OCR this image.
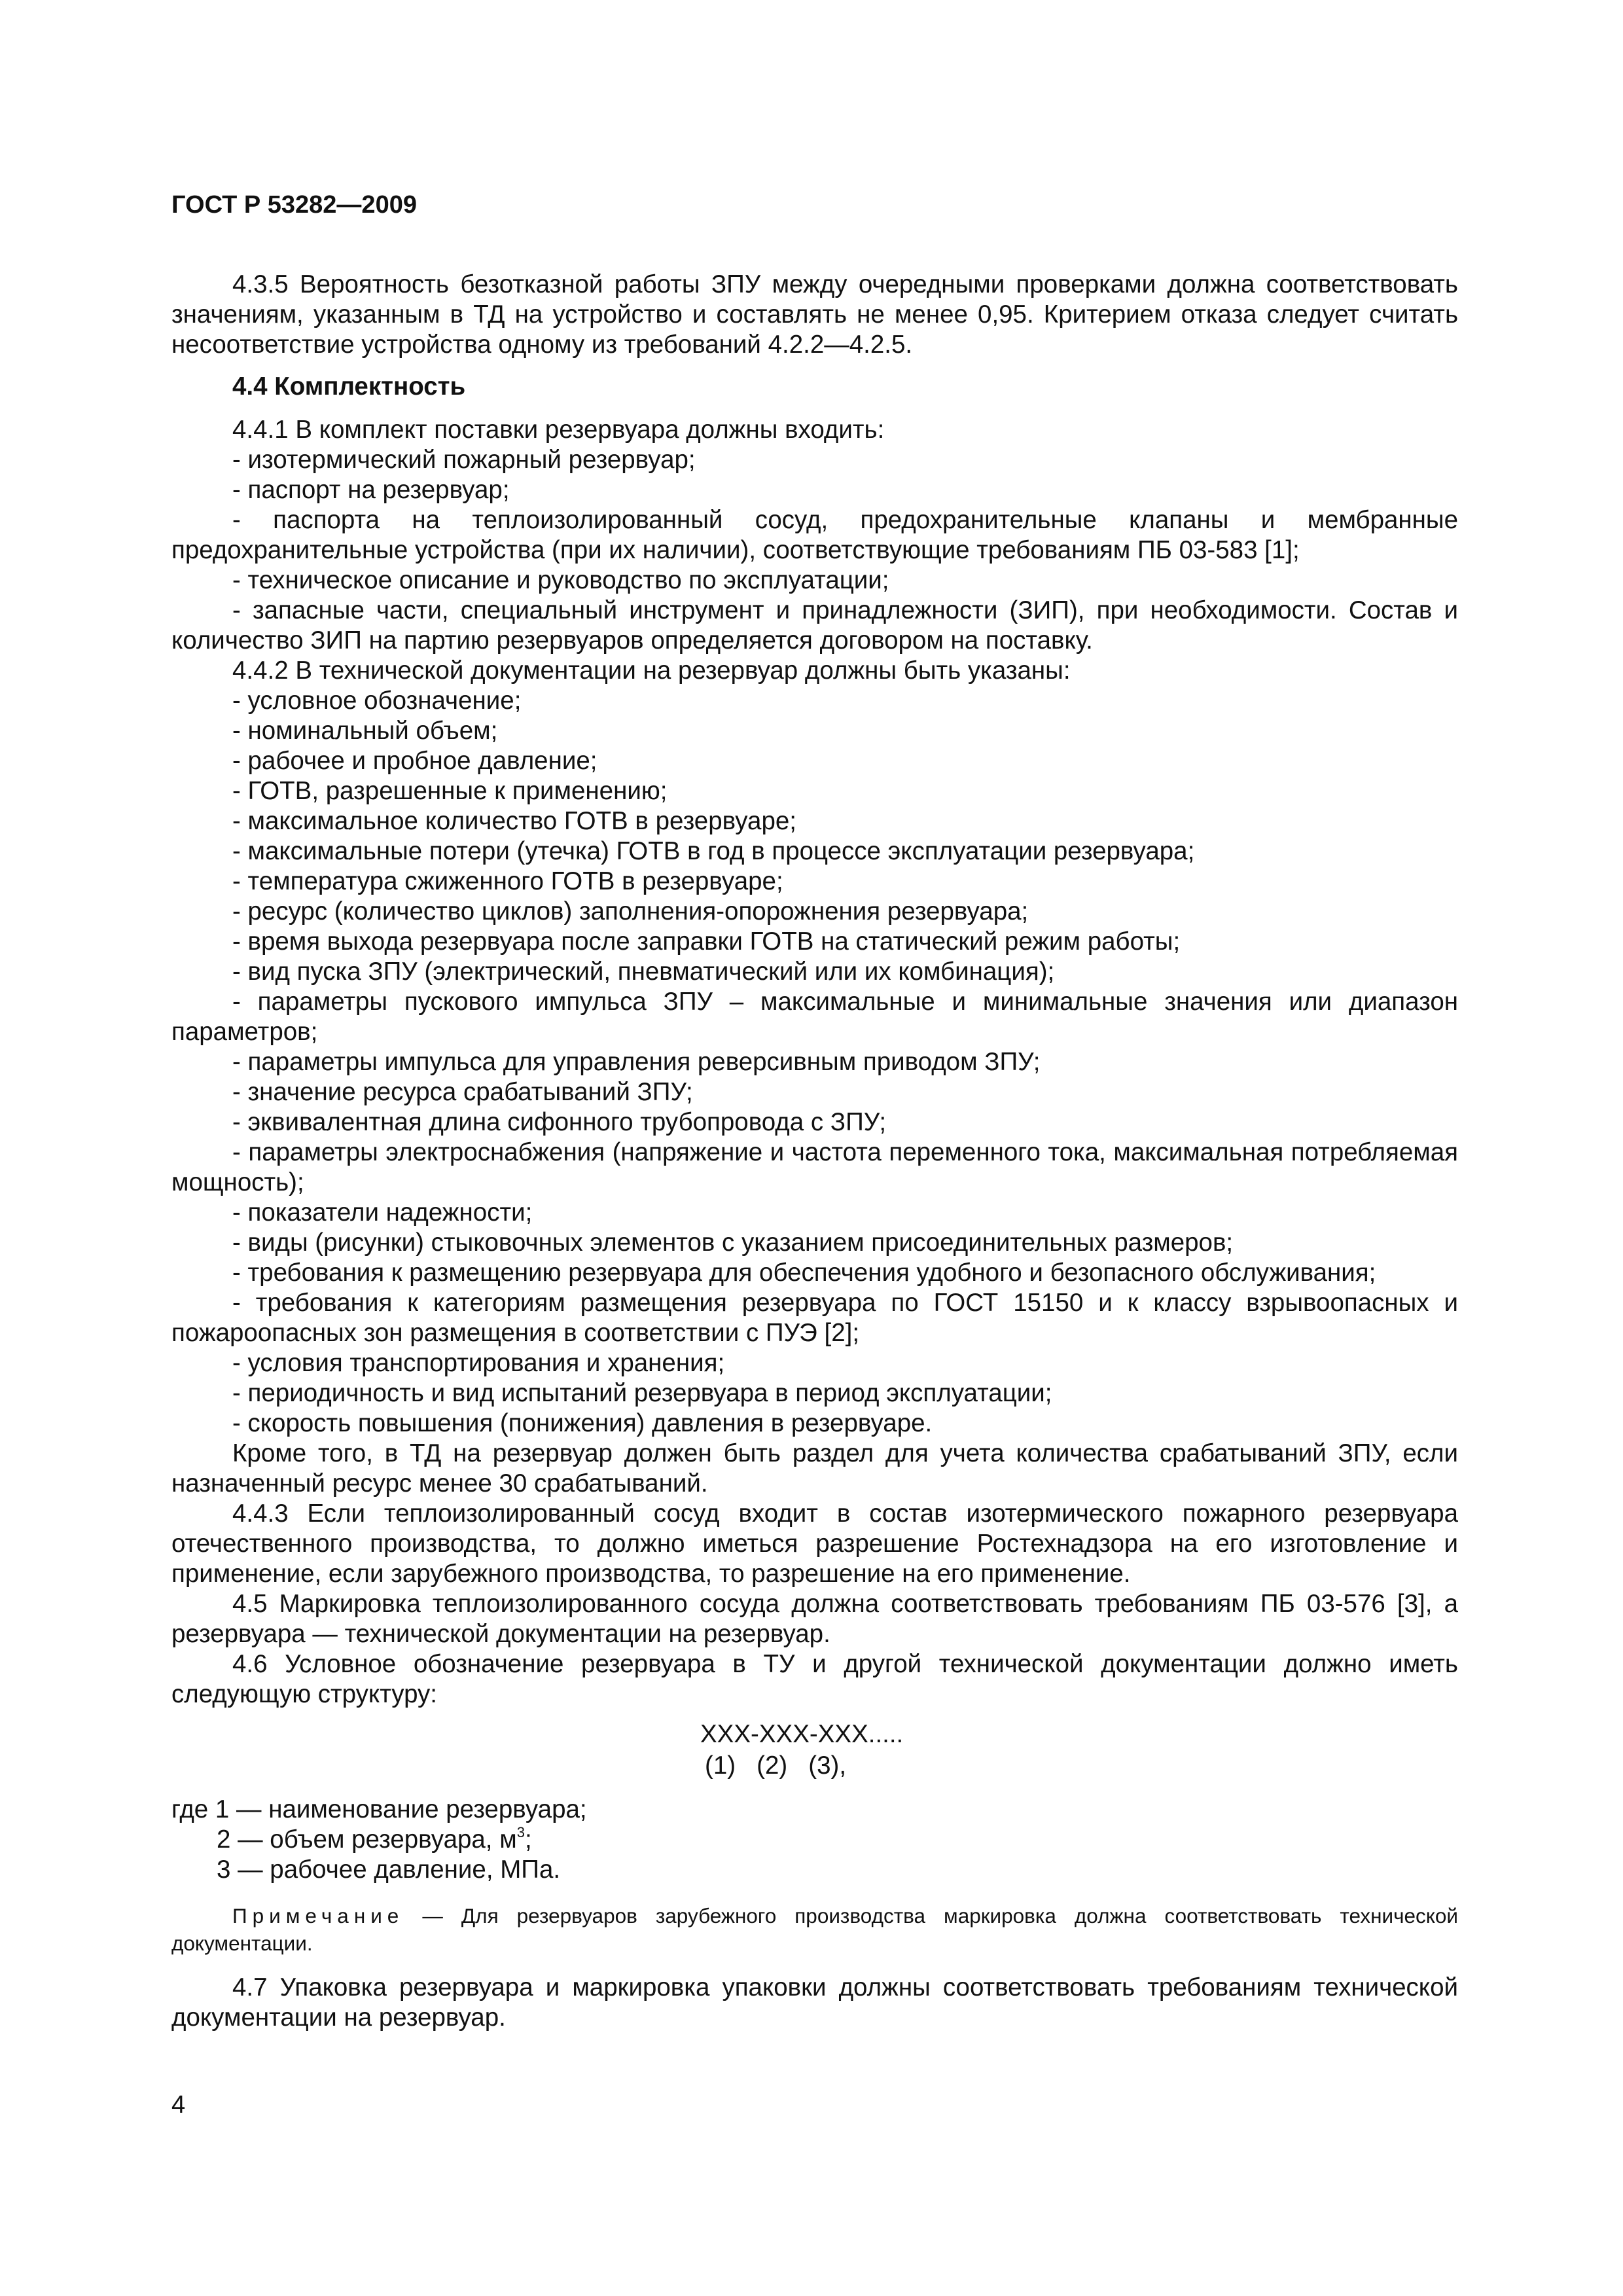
ГОСТ Р 53282—2009

4.3.5 Вероятность безотказной работы ЗПУ между очередными проверками должна соответствовать значениям, указанным в ТД на устройство и составлять не менее 0,95. Критерием отказа следует считать несоответствие устройства одному из требований 4.2.2—4.2.5.

4.4 Комплектность

4.4.1 В комплект поставки резервуара должны входить:

- изотермический пожарный резервуар;

- паспорт на резервуар;

- паспорта на теплоизолированный сосуд, предохранительные клапаны и мембранные предохранительные устройства (при их наличии), соответствующие требованиям ПБ 03-583 [1];

- техническое описание и руководство по эксплуатации;

- запасные части, специальный инструмент и принадлежности (ЗИП), при необходимости. Состав и количество ЗИП на партию резервуаров определяется договором на поставку.

4.4.2 В технической документации на резервуар должны быть указаны:

- условное обозначение;

- номинальный объем;

- рабочее и пробное давление;

- ГОТВ, разрешенные к применению;

- максимальное количество ГОТВ в резервуаре;

- максимальные потери (утечка) ГОТВ в год в процессе эксплуатации резервуара;

- температура сжиженного ГОТВ в резервуаре;

- ресурс (количество циклов) заполнения-опорожнения резервуара;

- время выхода резервуара после заправки ГОТВ на статический режим работы;

- вид пуска ЗПУ (электрический, пневматический или их комбинация);

- параметры пускового импульса ЗПУ – максимальные и минимальные значения или диапазон параметров;

- параметры импульса для управления реверсивным приводом ЗПУ;

- значение ресурса срабатываний ЗПУ;

- эквивалентная длина сифонного трубопровода с ЗПУ;

- параметры электроснабжения (напряжение и частота переменного тока, максимальная потребляемая мощность);

- показатели надежности;

- виды (рисунки) стыковочных элементов с указанием присоединительных размеров;

- требования к размещению резервуара для обеспечения удобного и безопасного обслуживания;

- требования к категориям размещения резервуара по ГОСТ 15150 и к классу взрывоопасных и пожароопасных зон размещения в соответствии с ПУЭ [2];

- условия транспортирования и хранения;

- периодичность и вид испытаний резервуара в период эксплуатации;

- скорость повышения (понижения) давления в резервуаре.

Кроме того, в ТД на резервуар должен быть раздел для учета количества срабатываний ЗПУ, если назначенный ресурс менее 30 срабатываний.

4.4.3 Если теплоизолированный сосуд входит в состав изотермического пожарного резервуара отечественного производства, то должно иметься разрешение Ростехнадзора на его изготовление и применение, если зарубежного производства, то разрешение на его применение.

4.5 Маркировка теплоизолированного сосуда должна соответствовать требованиям ПБ 03-576 [3], а резервуара — технической документации на резервуар.

4.6 Условное обозначение резервуара в ТУ и другой технической документации должно иметь следующую структуру:

ХХХ-ХХХ-ХХХ.....
(1)   (2)   (3),

где 1 — наименование резервуара;

2 — объем резервуара, $м^3$;

3 — рабочее давление, МПа.

Примечание — Для резервуаров зарубежного производства маркировка должна соответствовать технической документации.

4.7 Упаковка резервуара и маркировка упаковки должны соответствовать требованиям технической документации на резервуар.

4
